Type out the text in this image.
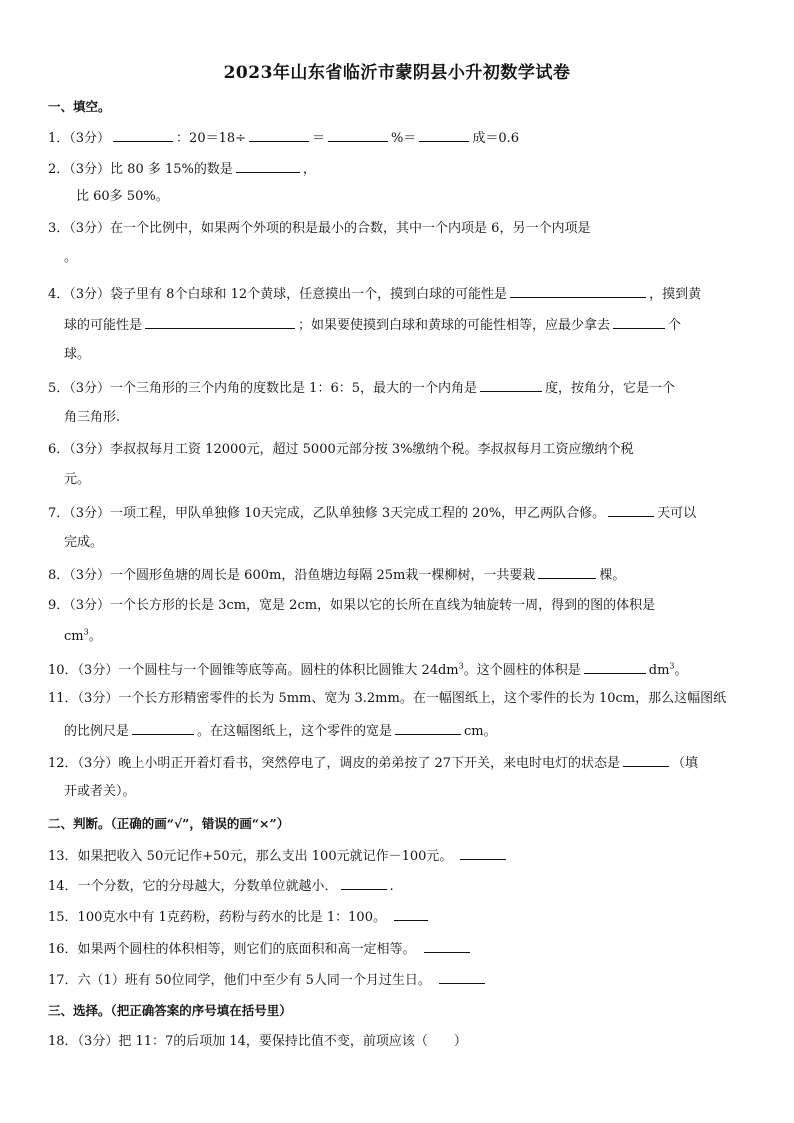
2023年山东省临沂市蒙阴县小升初数学试卷
一、填空。
1．（3分）	：20＝18÷	＝	%＝	成＝0.6
2．（3分）比 80 多 15%的数是	，
比 60多 50%。
3．（3分）在一个比例中，如果两个外项的积是最小的合数，其中一个内项是 6，另一个内项是
。
4．（3分）袋子里有 8个白球和 12个黄球，任意摸出一个，摸到白球的可能性是	，摸到黄
球的可能性是	；如果要使摸到白球和黄球的可能性相等，应最少拿去	个
球。
5．（3分）一个三角形的三个内角的度数比是 1：6：5，最大的一个内角是	度，按角分，它是一个
角三角形.
6．（3分）李叔叔每月工资 12000元，超过 5000元部分按 3%缴纳个税。李叔叔每月工资应缴纳个税
元。
7．（3分）一项工程，甲队单独修 10天完成，乙队单独修 3天完成工程的 20%，甲乙两队合修。	天可以
完成。
8．（3分）一个圆形鱼塘的周长是 600m，沿鱼塘边每隔 25m栽一棵柳树，一共要栽	棵。
9．（3分）一个长方形的长是 3cm，宽是 2cm，如果以它的长所在直线为轴旋转一周，得到的图的体积是
$cm^3$。
10．（3分）一个圆柱与一个圆锥等底等高。圆柱的体积比圆锥大 $24dm^3$。这个圆柱的体积是	$dm^3$。
11．（3分）一个长方形精密零件的长为 5mm、宽为 3.2mm。在一幅图纸上，这个零件的长为 10cm，那么这幅图纸
的比例尺是	。在这幅图纸上，这个零件的宽是	cm。
12．（3分）晚上小明正开着灯看书，突然停电了，调皮的弟弟按了 27下开关，来电时电灯的状态是	（填
开或者关）。
二、判断。（正确的画“√”，错误的画“×”）
13．如果把收入 50元记作+50元，那么支出 100元就记作－100元。
14．一个分数，它的分母越大，分数单位就越小．	.
15．100克水中有 1克药粉，药粉与药水的比是 1：100。
16．如果两个圆柱的体积相等，则它们的底面积和高一定相等。
17．六（1）班有 50位同学，他们中至少有 5人同一个月过生日。
三、选择。（把正确答案的序号填在括号里）
18．（3分）把 11：7的后项加 14，要保持比值不变，前项应该（　　）
